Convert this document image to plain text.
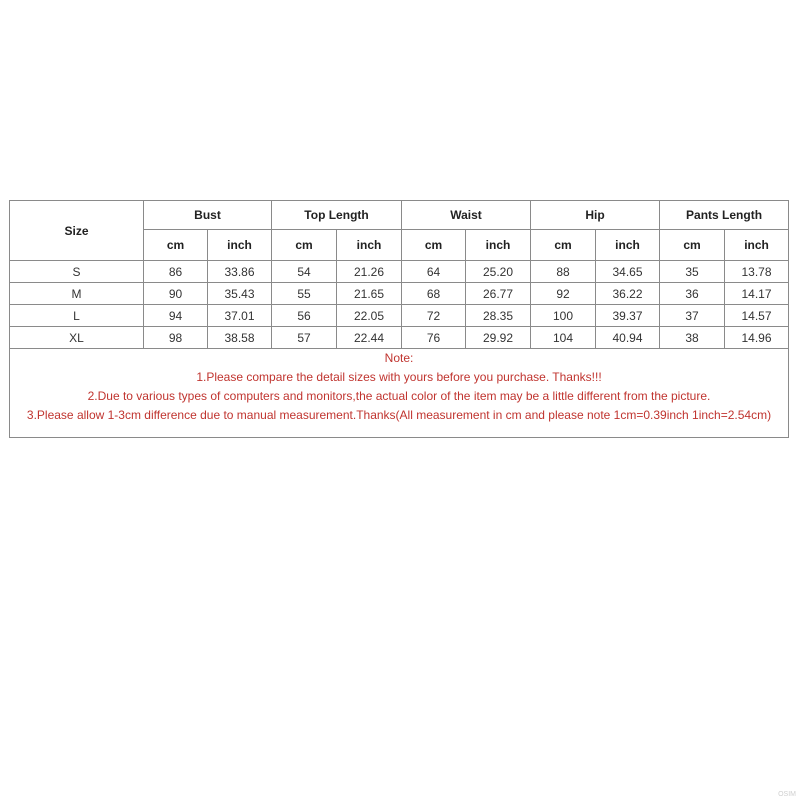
Size	Bust		Top Length		Waist		Hip		Pants Length	
	cm	inch	cm	inch	cm	inch	cm	inch	cm	inch
S	86	33.86	54	21.26	64	25.20	88	34.65	35	13.78
M	90	35.43	55	21.65	68	26.77	92	36.22	36	14.17
L	94	37.01	56	22.05	72	28.35	100	39.37	37	14.57
XL	98	38.58	57	22.44	76	29.92	104	40.94	38	14.96
Note:
1.Please compare the detail sizes with yours before you purchase. Thanks!!!
2.Due to various types of computers and monitors,the actual color of the item may be a little different from the picture.
3.Please allow 1-3cm difference due to manual measurement.Thanks(All measurement in cm and please note 1cm=0.39inch 1inch=2.54cm)
OSIM
